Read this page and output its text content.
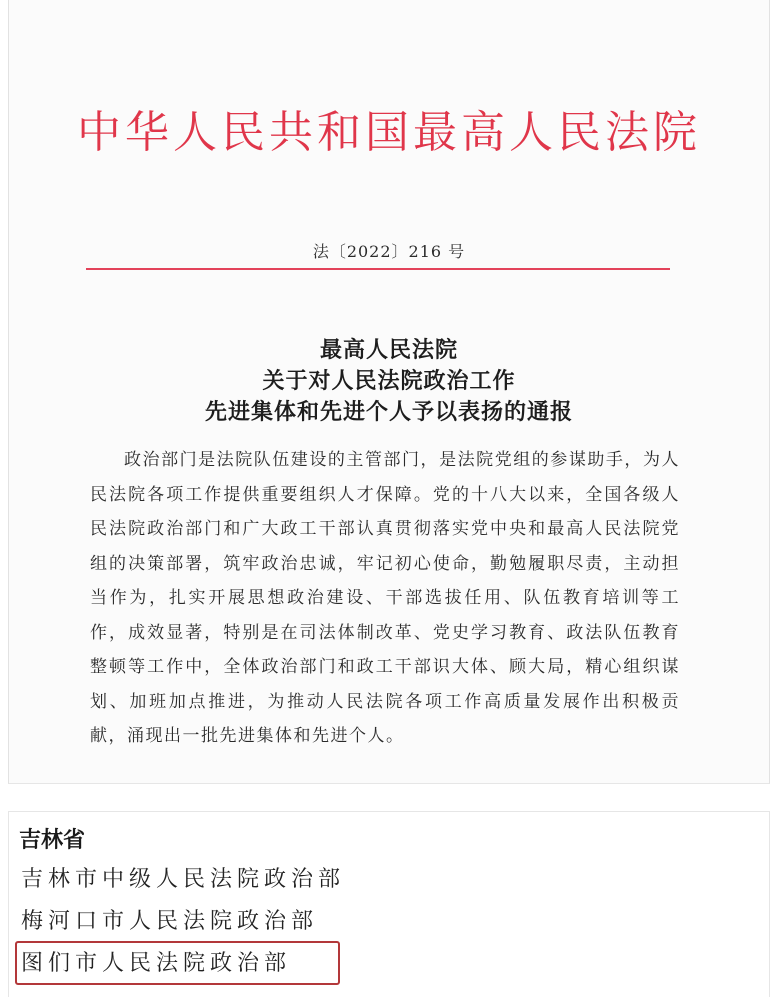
中华人民共和国最高人民法院
法〔2022〕216 号
最高人民法院
关于对人民法院政治工作
先进集体和先进个人予以表扬的通报

政治部门是法院队伍建设的主管部门，是法院党组的参谋助手，为人民法院各项工作提供重要组织人才保障。党的十八大以来，全国各级人民法院政治部门和广大政工干部认真贯彻落实党中央和最高人民法院党组的决策部署，筑牢政治忠诚，牢记初心使命，勤勉履职尽责，主动担当作为，扎实开展思想政治建设、干部选拔任用、队伍教育培训等工作，成效显著，特别是在司法体制改革、党史学习教育、政法队伍教育整顿等工作中，全体政治部门和政工干部识大体、顾大局，精心组织谋划、加班加点推进，为推动人民法院各项工作高质量发展作出积极贡献，涌现出一批先进集体和先进个人。

吉林省
吉林市中级人民法院政治部
梅河口市人民法院政治部
图们市人民法院政治部
